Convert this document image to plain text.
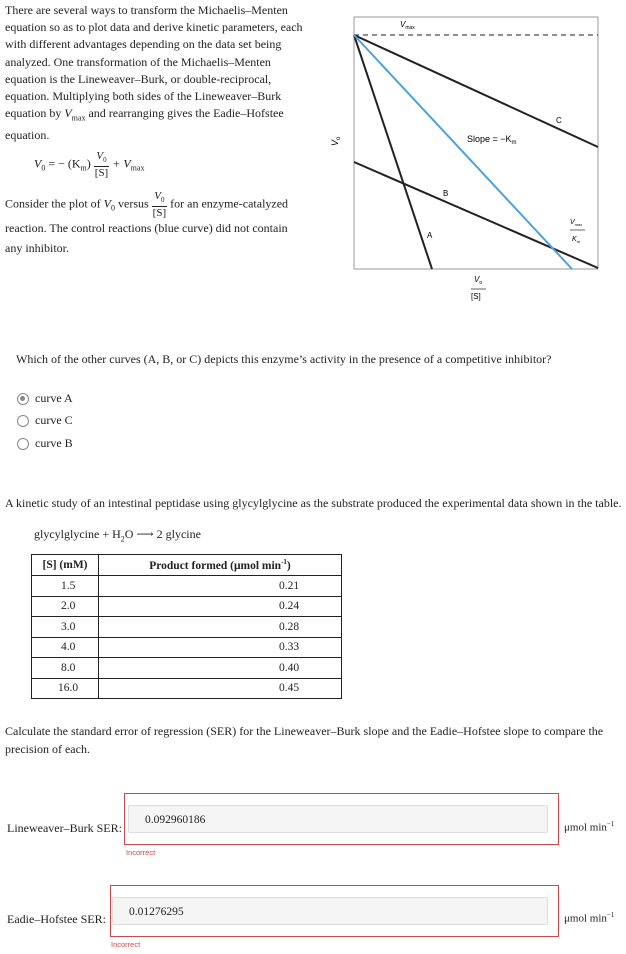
There are several ways to transform the Michaelis–Menten equation so as to plot data and derive kinetic parameters, each with different advantages depending on the data set being analyzed. One transformation of the Michaelis–Menten equation is the Lineweaver–Burk, or double-reciprocal, equation. Multiplying both sides of the Lineweaver–Burk equation by $V_{max}$ and rearranging gives the Eadie–Hofstee equation.
$V_0$ = − $(K_m) \frac{V_0}{[S]} + V_{max}$
Consider the plot of $V_0$ versus $\frac{V_0}{[S]}$ for an enzyme-catalyzed reaction. The control reactions (blue curve) did not contain any inhibitor.
$V_{max}$
$V_o$	Slope = $-K_m$
A
B
C
$V_{max}$
$K_m$
$V_o$
[S]
Which of the other curves (A, B, or C) depicts this enzyme’s activity in the presence of a competitive inhibitor?
curve A
curve C
curve B
A kinetic study of an intestinal peptidase using glycylglycine as the substrate produced the experimental data shown in the table.
glycylglycine + $H_2O$ ⟶ 2 glycine
[S] (mM)	Product formed (μmol $\min^{-1}$)
1.5	0.21
2.0	0.24
3.0	0.28
4.0	0.33
8.0	0.40
16.0	0.45
Calculate the standard error of regression (SER) for the Lineweaver–Burk slope and the Eadie–Hofstee slope to compare the precision of each.
Lineweaver–Burk SER:
0.092960186
Incorrect
μmol $\min^{-1}$
Eadie–Hofstee SER:	0.01276295
Incorrect
μmol $\min^{-1}$
